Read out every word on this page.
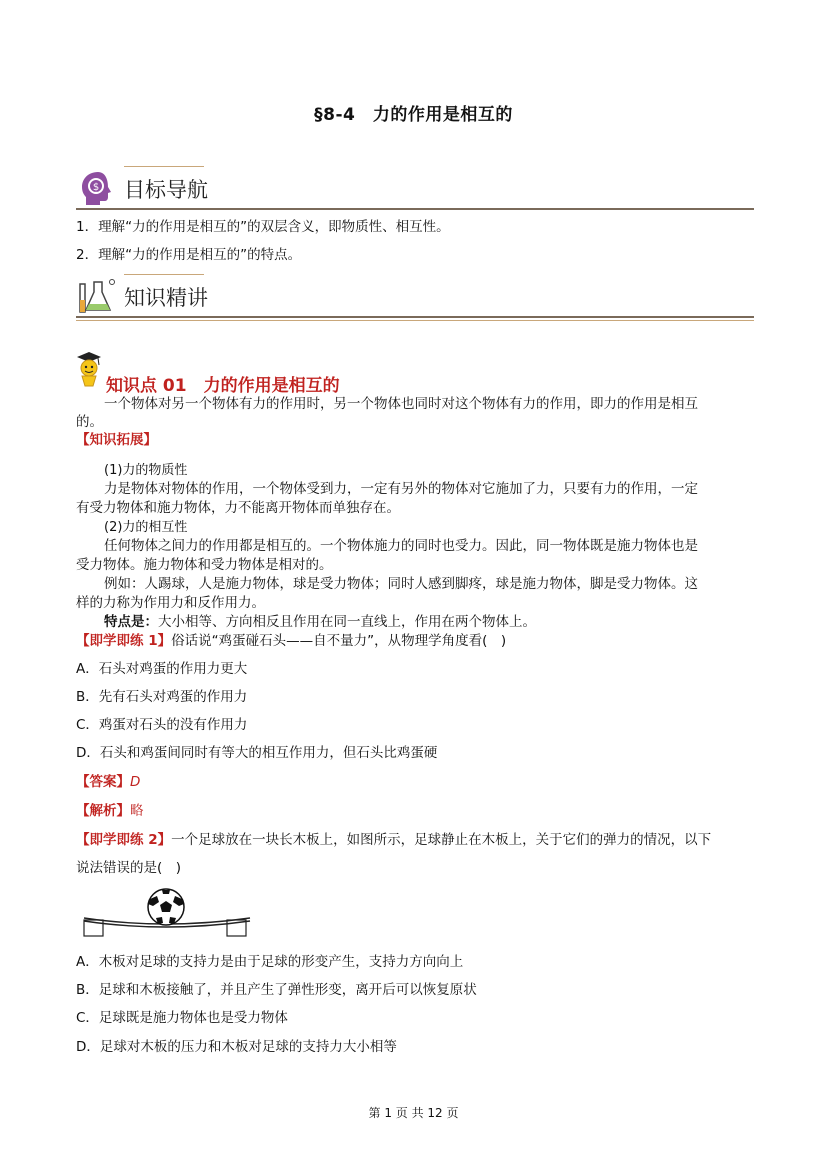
§8-4　力的作用是相互的
$ 目标导航
1．理解“力的作用是相互的”的双层含义，即物质性、相互性。
2．理解“力的作用是相互的”的特点。
知识精讲
知识点 01　力的作用是相互的
一个物体对另一个物体有力的作用时，另一个物体也同时对这个物体有力的作用，即力的作用是相互
的。
【知识拓展】
(1)力的物质性
力是物体对物体的作用，一个物体受到力，一定有另外的物体对它施加了力，只要有力的作用，一定
有受力物体和施力物体，力不能离开物体而单独存在。
(2)力的相互性
任何物体之间力的作用都是相互的。一个物体施力的同时也受力。因此，同一物体既是施力物体也是
受力物体。施力物体和受力物体是相对的。
例如：人踢球，人是施力物体，球是受力物体；同时人感到脚疼，球是施力物体，脚是受力物体。这
样的力称为作用力和反作用力。
特点是：大小相等、方向相反且作用在同一直线上，作用在两个物体上。
【即学即练 1】俗话说“鸡蛋碰石头——自不量力”，从物理学角度看(　)
A．石头对鸡蛋的作用力更大
B．先有石头对鸡蛋的作用力
C．鸡蛋对石头的没有作用力
D．石头和鸡蛋间同时有等大的相互作用力，但石头比鸡蛋硬
【答案】D
【解析】略
【即学即练 2】一个足球放在一块长木板上，如图所示，足球静止在木板上，关于它们的弹力的情况，以下
说法错误的是(　)
A．木板对足球的支持力是由于足球的形变产生，支持力方向向上
B．足球和木板接触了，并且产生了弹性形变，离开后可以恢复原状
C．足球既是施力物体也是受力物体
D．足球对木板的压力和木板对足球的支持力大小相等
第 1 页 共 12 页
